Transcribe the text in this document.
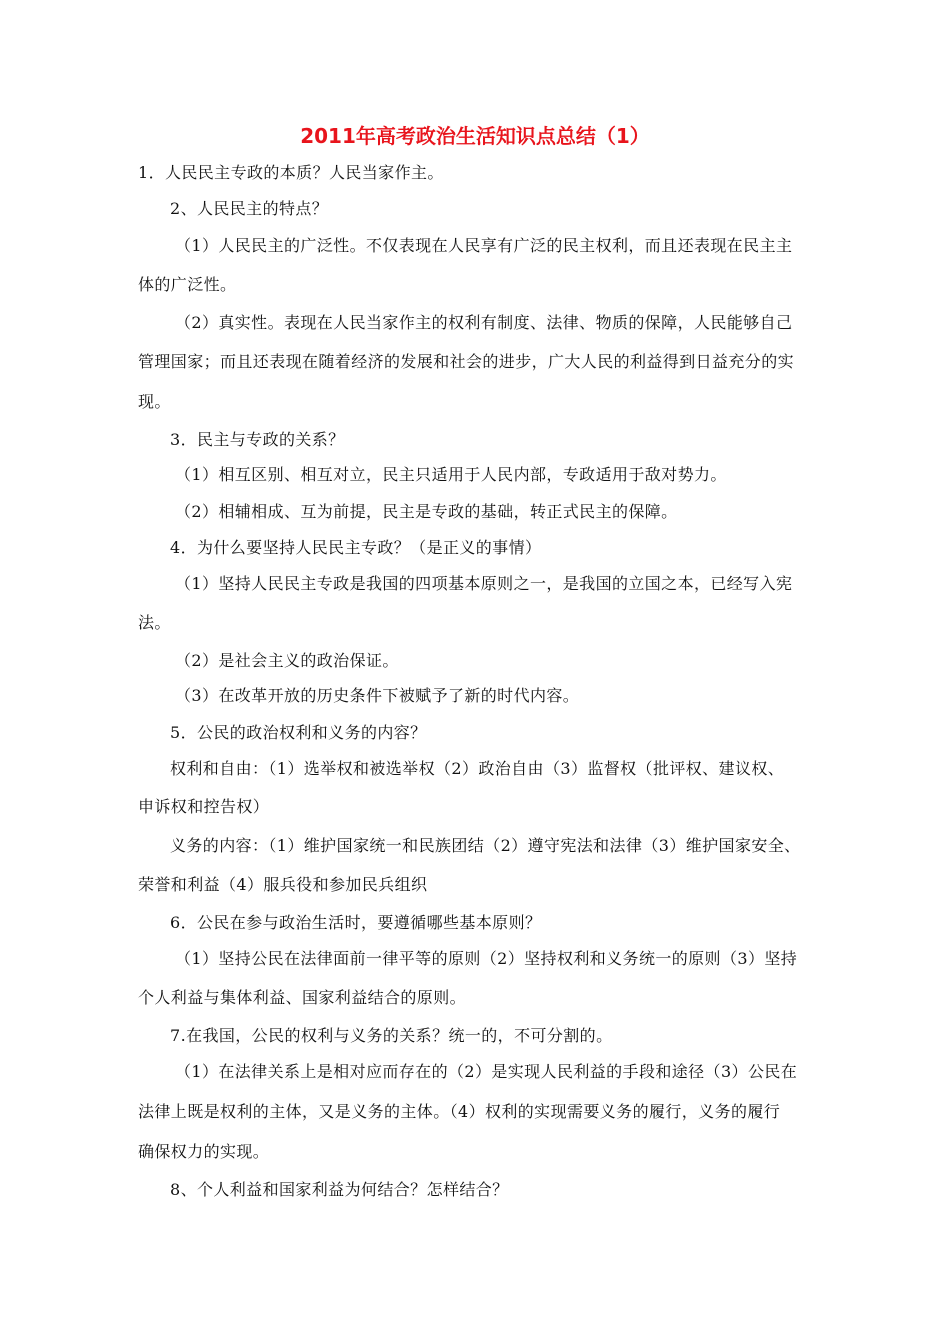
2011年高考政治生活知识点总结（1）
1．人民民主专政的本质？人民当家作主。
2、人民民主的特点？
（1）人民民主的广泛性。不仅表现在人民享有广泛的民主权利，而且还表现在民主主
体的广泛性。
（2）真实性。表现在人民当家作主的权利有制度、法律、物质的保障，人民能够自己
管理国家；而且还表现在随着经济的发展和社会的进步，广大人民的利益得到日益充分的实
现。
3．民主与专政的关系？
（1）相互区别、相互对立，民主只适用于人民内部，专政适用于敌对势力。
（2）相辅相成、互为前提，民主是专政的基础，转正式民主的保障。
4．为什么要坚持人民民主专政？（是正义的事情）
（1）坚持人民民主专政是我国的四项基本原则之一，是我国的立国之本，已经写入宪
法。
（2）是社会主义的政治保证。
（3）在改革开放的历史条件下被赋予了新的时代内容。
5．公民的政治权利和义务的内容？
权利和自由：（1）选举权和被选举权（2）政治自由（3）监督权（批评权、建议权、
申诉权和控告权）
义务的内容：（1）维护国家统一和民族团结（2）遵守宪法和法律（3）维护国家安全、
荣誉和利益（4）服兵役和参加民兵组织
6．公民在参与政治生活时，要遵循哪些基本原则？
（1）坚持公民在法律面前一律平等的原则（2）坚持权利和义务统一的原则（3）坚持
个人利益与集体利益、国家利益结合的原则。
7.在我国，公民的权利与义务的关系？统一的，不可分割的。
（1）在法律关系上是相对应而存在的（2）是实现人民利益的手段和途径（3）公民在
法律上既是权利的主体，又是义务的主体。（4）权利的实现需要义务的履行，义务的履行
确保权力的实现。
8、个人利益和国家利益为何结合？怎样结合？
